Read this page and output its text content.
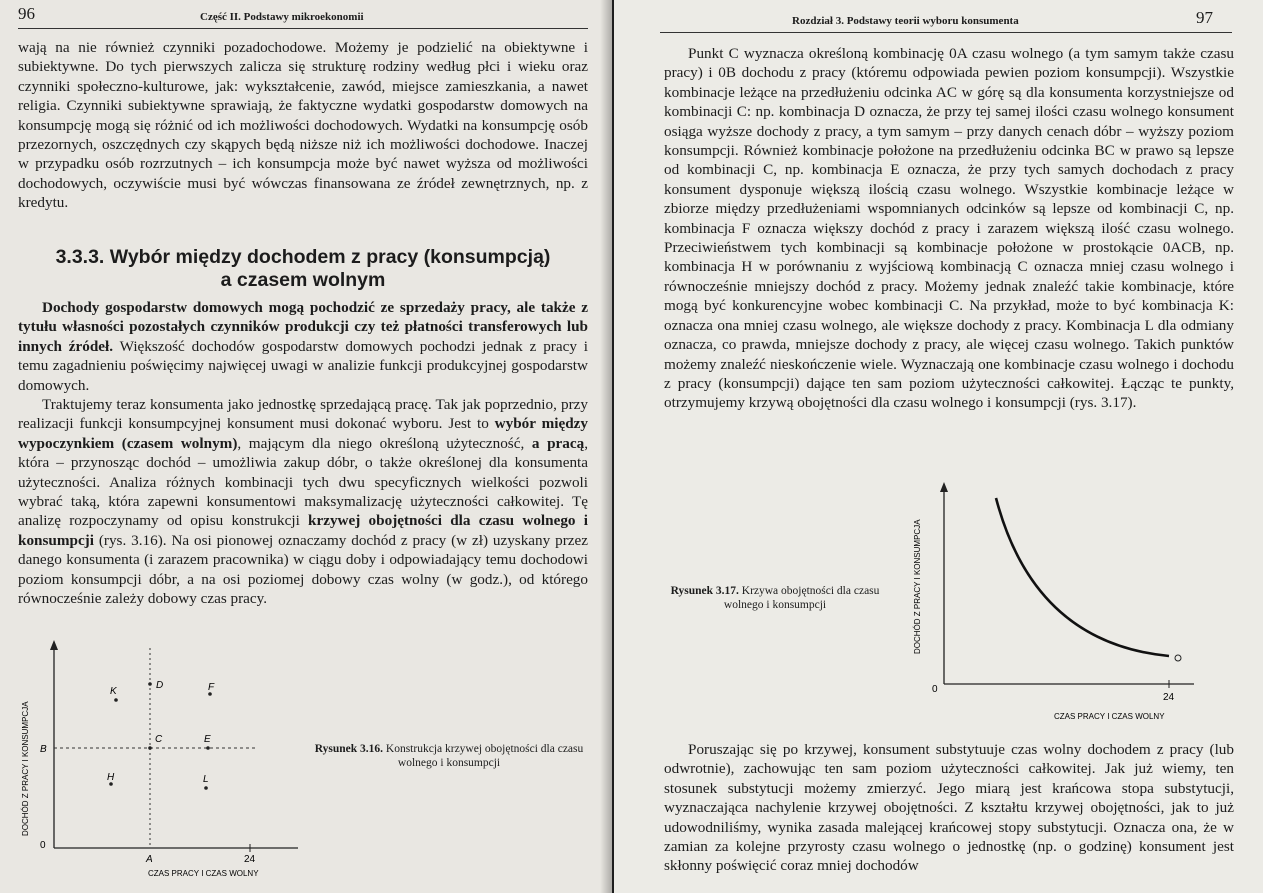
96	Część II. Podstawy mikroekonomii

wają na nie również czynniki pozadochodowe. Możemy je podzielić na obiektywne i subiektywne. Do tych pierwszych zalicza się strukturę rodziny według płci i wieku oraz czynniki społeczno-kulturowe, jak: wykształcenie, zawód, miejsce zamieszkania, a nawet religia. Czynniki subiektywne sprawiają, że faktyczne wydatki gospodarstw domowych na konsumpcję mogą się różnić od ich możliwości dochodowych. Wydatki na konsumpcję osób przezornych, oszczędnych czy skąpych będą niższe niż ich możliwości dochodowe. Inaczej w przypadku osób rozrzutnych – ich konsumpcja może być nawet wyższa od możliwości dochodowych, oczywiście musi być wówczas finansowana ze źródeł zewnętrznych, np. z kredytu.

3.3.3. Wybór między dochodem z pracy (konsumpcją)
a czasem wolnym

Dochody gospodarstw domowych mogą pochodzić ze sprzedaży pracy, ale także z tytułu własności pozostałych czynników produkcji czy też płatności transferowych lub innych źródeł. Większość dochodów gospodarstw domowych pochodzi jednak z pracy i temu zagadnieniu poświęcimy najwięcej uwagi w analizie funkcji produkcyjnej gospodarstw domowych.

Traktujemy teraz konsumenta jako jednostkę sprzedającą pracę. Tak jak poprzednio, przy realizacji funkcji konsumpcyjnej konsument musi dokonać wyboru. Jest to wybór między wypoczynkiem (czasem wolnym), mającym dla niego określoną użyteczność, a pracą, która – przynosząc dochód – umożliwia zakup dóbr, o także określonej dla konsumenta użyteczności. Analiza różnych kombinacji tych dwu specyficznych wielkości pozwoli wybrać taką, która zapewni konsumentowi maksymalizację użyteczności całkowitej. Tę analizę rozpoczynamy od opisu konstrukcji krzywej obojętności dla czasu wolnego i konsumpcji (rys. 3.16). Na osi pionowej oznaczamy dochód z pracy (w zł) uzyskany przez danego konsumenta (i zarazem pracownika) w ciągu doby i odpowiadający temu dochodowi poziom konsumpcji dóbr, a na osi poziomej dobowy czas wolny (w godz.), od którego równocześnie zależy dobowy czas pracy.

DOCHÓD Z PRACY I KONSUMPCJA
0
B
A	24
CZAS PRACY I CZAS WOLNY
K
D	F
C	E
H	L
Rysunek 3.16. Konstrukcja krzywej obojętności dla czasu wolnego i konsumpcji
Rozdział 3. Podstawy teorii wyboru konsumenta	97

Punkt C wyznacza określoną kombinację 0A czasu wolnego (a tym samym także czasu pracy) i 0B dochodu z pracy (któremu odpowiada pewien poziom konsumpcji). Wszystkie kombinacje leżące na przedłużeniu odcinka AC w górę są dla konsumenta korzystniejsze od kombinacji C: np. kombinacja D oznacza, że przy tej samej ilości czasu wolnego konsument osiąga wyższe dochody z pracy, a tym samym – przy danych cenach dóbr – wyższy poziom konsumpcji. Również kombinacje położone na przedłużeniu odcinka BC w prawo są lepsze od kombinacji C, np. kombinacja E oznacza, że przy tych samych dochodach z pracy konsument dysponuje większą ilością czasu wolnego. Wszystkie kombinacje leżące w zbiorze między przedłużeniami wspomnianych odcinków są lepsze od kombinacji C, np. kombinacja F oznacza większy dochód z pracy i zarazem większą ilość czasu wolnego. Przeciwieństwem tych kombinacji są kombinacje położone w prostokącie 0ACB, np. kombinacja H w porównaniu z wyjściową kombinacją C oznacza mniej czasu wolnego i równocześnie mniejszy dochód z pracy. Możemy jednak znaleźć takie kombinacje, które mogą być konkurencyjne wobec kombinacji C. Na przykład, może to być kombinacja K: oznacza ona mniej czasu wolnego, ale większe dochody z pracy. Kombinacja L dla odmiany oznacza, co prawda, mniejsze dochody z pracy, ale więcej czasu wolnego. Takich punktów możemy znaleźć nieskończenie wiele. Wyznaczają one kombinacje czasu wolnego i dochodu z pracy (konsumpcji) dające ten sam poziom użyteczności całkowitej. Łącząc te punkty, otrzymujemy krzywą obojętności dla czasu wolnego i konsumpcji (rys. 3.17).

Rysunek 3.17. Krzywa obojętności dla czasu wolnego i konsumpcji	DOCHÓD Z PRACY I KONSUMPCJA
0
24
CZAS PRACY I CZAS WOLNY

Poruszając się po krzywej, konsument substytuuje czas wolny dochodem z pracy (lub odwrotnie), zachowując ten sam poziom użyteczności całkowitej. Jak już wiemy, ten stosunek substytucji możemy zmierzyć. Jego miarą jest krańcowa stopa substytucji, wyznaczająca nachylenie krzywej obojętności. Z kształtu krzywej obojętności, jak to już udowodniliśmy, wynika zasada malejącej krańcowej stopy substytucji. Oznacza ona, że w zamian za kolejne przyrosty czasu wolnego o jednostkę (np. o godzinę) konsument jest skłonny poświęcić coraz mniej dochodów
